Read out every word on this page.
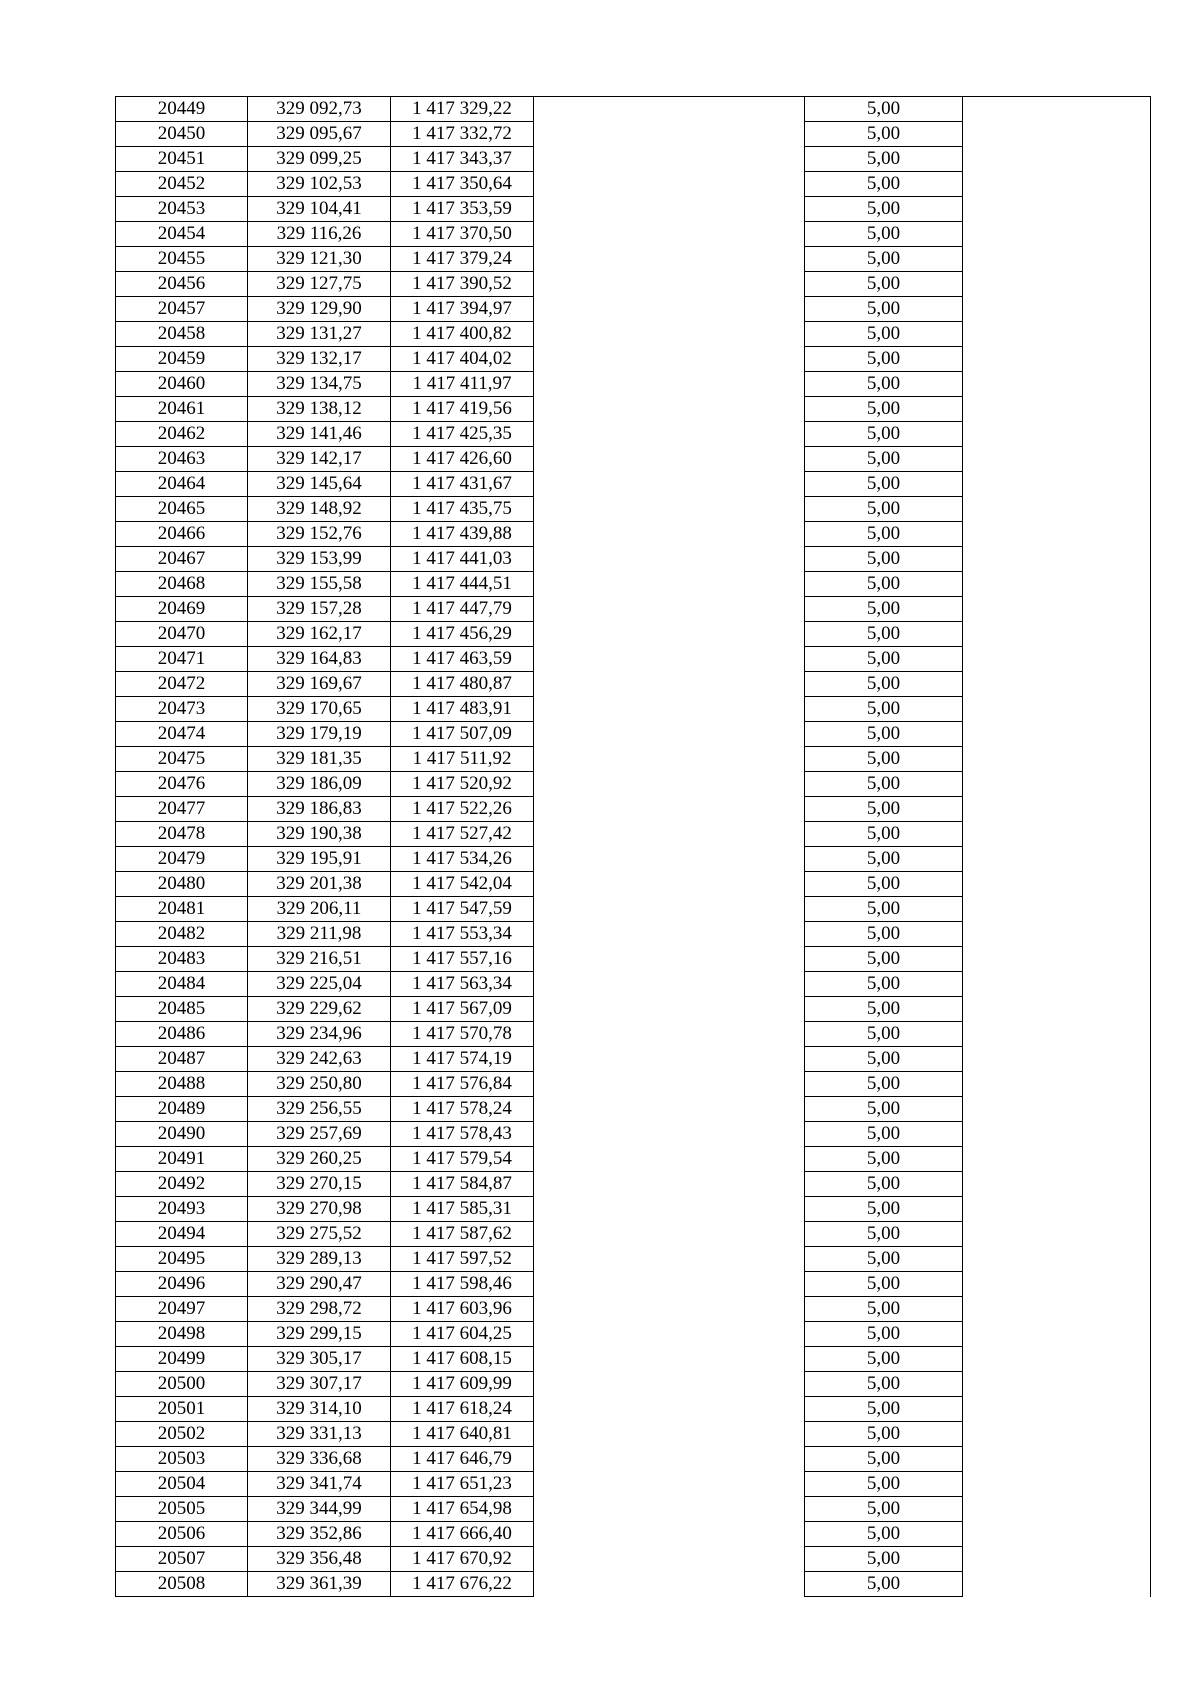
20449	329 092,73	1 417 329,22		5,00	
20450	329 095,67	1 417 332,72		5,00	
20451	329 099,25	1 417 343,37		5,00	
20452	329 102,53	1 417 350,64		5,00	
20453	329 104,41	1 417 353,59		5,00	
20454	329 116,26	1 417 370,50		5,00	
20455	329 121,30	1 417 379,24		5,00	
20456	329 127,75	1 417 390,52		5,00	
20457	329 129,90	1 417 394,97		5,00	
20458	329 131,27	1 417 400,82		5,00	
20459	329 132,17	1 417 404,02		5,00	
20460	329 134,75	1 417 411,97		5,00	
20461	329 138,12	1 417 419,56		5,00	
20462	329 141,46	1 417 425,35		5,00	
20463	329 142,17	1 417 426,60		5,00	
20464	329 145,64	1 417 431,67		5,00	
20465	329 148,92	1 417 435,75		5,00	
20466	329 152,76	1 417 439,88		5,00	
20467	329 153,99	1 417 441,03		5,00	
20468	329 155,58	1 417 444,51		5,00	
20469	329 157,28	1 417 447,79		5,00	
20470	329 162,17	1 417 456,29		5,00	
20471	329 164,83	1 417 463,59		5,00	
20472	329 169,67	1 417 480,87		5,00	
20473	329 170,65	1 417 483,91		5,00	
20474	329 179,19	1 417 507,09		5,00	
20475	329 181,35	1 417 511,92		5,00	
20476	329 186,09	1 417 520,92		5,00	
20477	329 186,83	1 417 522,26		5,00	
20478	329 190,38	1 417 527,42		5,00	
20479	329 195,91	1 417 534,26		5,00	
20480	329 201,38	1 417 542,04		5,00	
20481	329 206,11	1 417 547,59		5,00	
20482	329 211,98	1 417 553,34		5,00	
20483	329 216,51	1 417 557,16		5,00	
20484	329 225,04	1 417 563,34		5,00	
20485	329 229,62	1 417 567,09		5,00	
20486	329 234,96	1 417 570,78		5,00	
20487	329 242,63	1 417 574,19		5,00	
20488	329 250,80	1 417 576,84		5,00	
20489	329 256,55	1 417 578,24		5,00	
20490	329 257,69	1 417 578,43		5,00	
20491	329 260,25	1 417 579,54		5,00	
20492	329 270,15	1 417 584,87		5,00	
20493	329 270,98	1 417 585,31		5,00	
20494	329 275,52	1 417 587,62		5,00	
20495	329 289,13	1 417 597,52		5,00	
20496	329 290,47	1 417 598,46		5,00	
20497	329 298,72	1 417 603,96		5,00	
20498	329 299,15	1 417 604,25		5,00	
20499	329 305,17	1 417 608,15		5,00	
20500	329 307,17	1 417 609,99		5,00	
20501	329 314,10	1 417 618,24		5,00	
20502	329 331,13	1 417 640,81		5,00	
20503	329 336,68	1 417 646,79		5,00	
20504	329 341,74	1 417 651,23		5,00	
20505	329 344,99	1 417 654,98		5,00	
20506	329 352,86	1 417 666,40		5,00	
20507	329 356,48	1 417 670,92		5,00	
20508	329 361,39	1 417 676,22		5,00	
